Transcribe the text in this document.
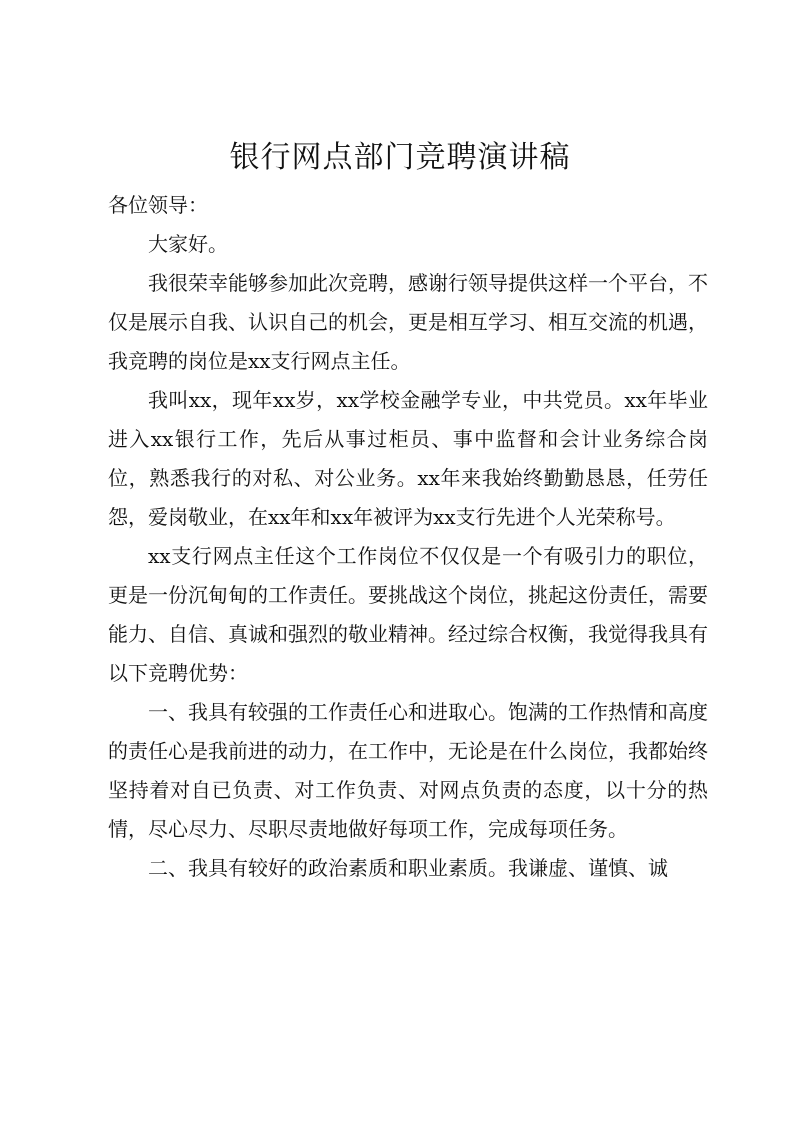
银行网点部门竞聘演讲稿

各位领导：

大家好。

我很荣幸能够参加此次竞聘，感谢行领导提供这样一个平台，不仅是展示自我、认识自己的机会，更是相互学习、相互交流的机遇，我竞聘的岗位是xx支行网点主任。

我叫xx，现年xx岁，xx学校金融学专业，中共党员。xx年毕业进入xx银行工作，先后从事过柜员、事中监督和会计业务综合岗位，熟悉我行的对私、对公业务。xx年来我始终勤勤恳恳，任劳任怨，爱岗敬业，在xx年和xx年被评为xx支行先进个人光荣称号。

xx支行网点主任这个工作岗位不仅仅是一个有吸引力的职位，更是一份沉甸甸的工作责任。要挑战这个岗位，挑起这份责任，需要能力、自信、真诚和强烈的敬业精神。经过综合权衡，我觉得我具有以下竞聘优势：

一、我具有较强的工作责任心和进取心。饱满的工作热情和高度的责任心是我前进的动力，在工作中，无论是在什么岗位，我都始终坚持着对自已负责、对工作负责、对网点负责的态度，以十分的热情，尽心尽力、尽职尽责地做好每项工作，完成每项任务。

二、我具有较好的政治素质和职业素质。我谦虚、谨慎、诚
